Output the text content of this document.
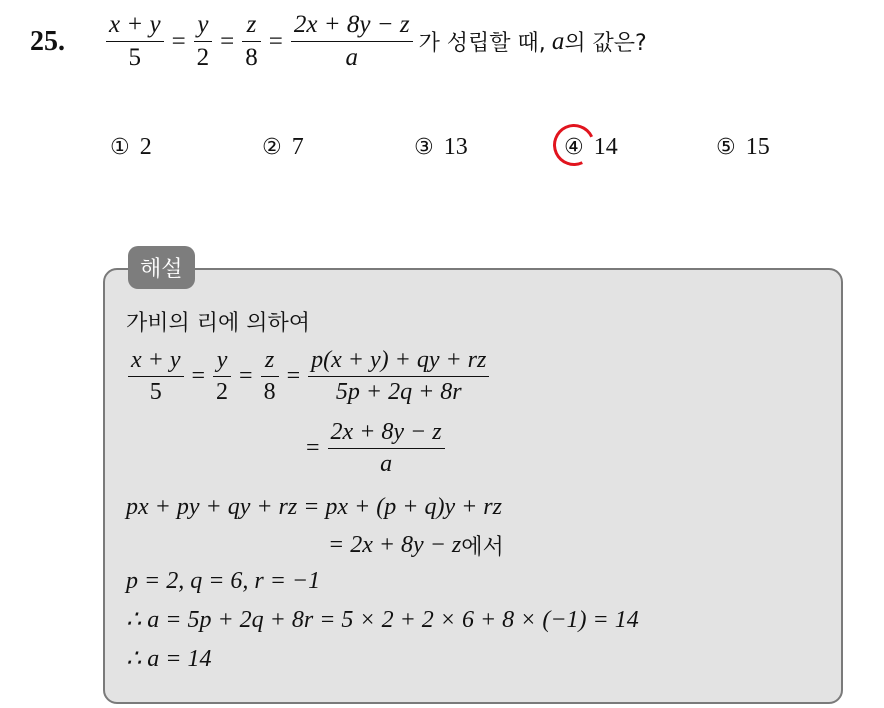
25. $\frac{x + y}{5} = \frac{y}{2} = \frac{z}{8} = \frac{2x + 8y - z}{a}$ 가 성립할 때, a 의 값은?
① 2	② 7	③ 13	④ 14	⑤ 15
해설
가비의 리에 의하여
$\frac{x + y}{5} = \frac{y}{2} = \frac{z}{8} = \frac{p(x + y) + qy + rz}{5p + 2q + 8r}$
= $\frac{2x + 8y - z}{a}$
px + py + qy + rz = px + (p + q)y + rz
= 2x + 8y − z 에서
p = 2, q = 6, r = −1
∴ a = 5p + 2q + 8r = 5 × 2 + 2 × 6 + 8 × (−1) = 14
∴ a = 14
